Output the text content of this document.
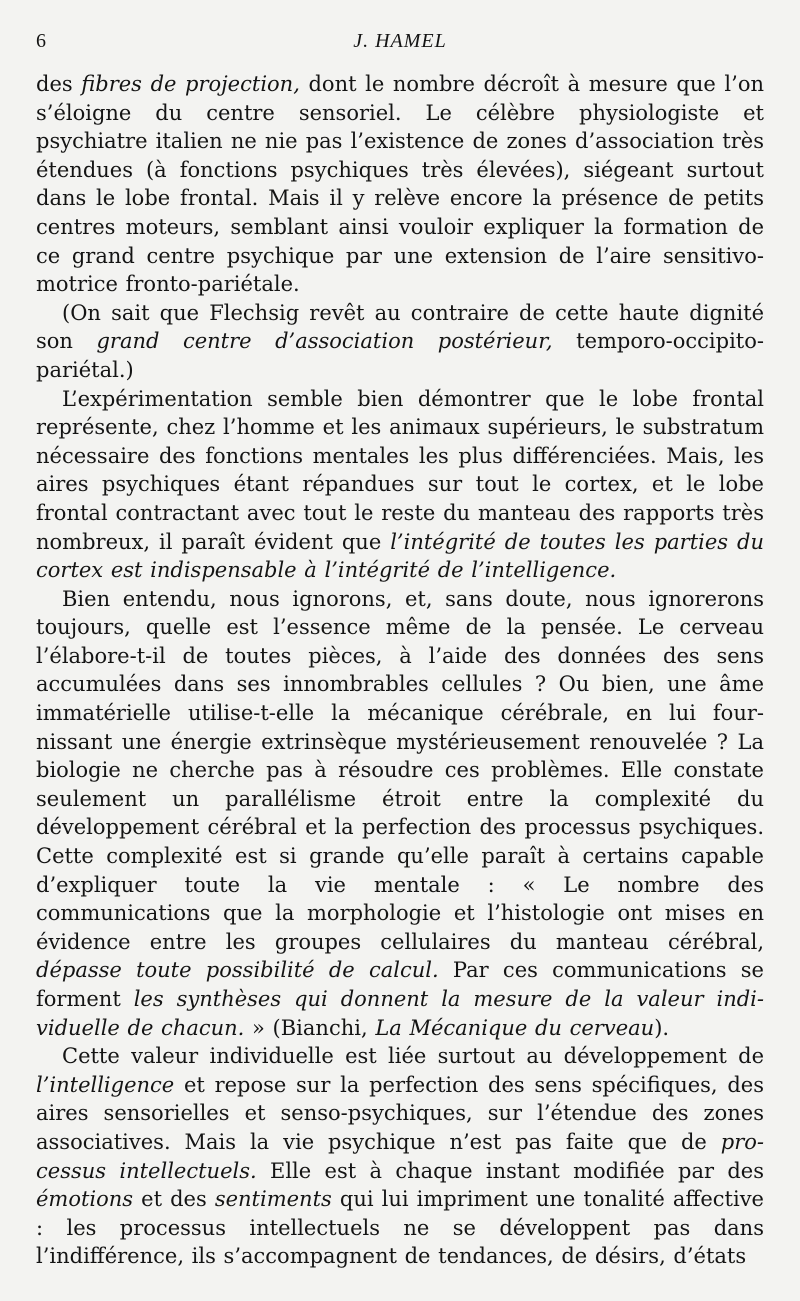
6	J. HAMEL

des fibres de projection, dont le nombre décroît à mesure que l’on s’éloigne du centre sensoriel. Le célèbre physiologiste et psychiatre italien ne nie pas l’existence de zones d’association très étendues (à fonctions psychiques très élevées), siégeant surtout dans le lobe frontal. Mais il y relève encore la présence de petits centres moteurs, semblant ainsi vouloir expliquer la formation de ce grand centre psychique par une extension de l’aire sensitivo-motrice fronto-pariétale.

(On sait que Flechsig revêt au contraire de cette haute dignité son grand centre d’association postérieur, temporo-occipito-pariétal.)

L’expérimentation semble bien démontrer que le lobe frontal représente, chez l’homme et les animaux supérieurs, le substratum nécessaire des fonctions mentales les plus différenciées. Mais, les aires psychiques étant répandues sur tout le cortex, et le lobe frontal contractant avec tout le reste du manteau des rapports très nombreux, il paraît évident que l’intégrité de toutes les parties du cortex est indispensable à l’intégrité de l’intelligence.

Bien entendu, nous ignorons, et, sans doute, nous ignorerons toujours, quelle est l’essence même de la pensée. Le cerveau l’élabore-t-il de toutes pièces, à l’aide des données des sens accumulées dans ses innombrables cellules ? Ou bien, une âme immatérielle utilise-t-elle la mécanique cérébrale, en lui fournissant une énergie extrinsèque mystérieusement renouvelée ? La biologie ne cherche pas à résoudre ces problèmes. Elle constate seulement un parallélisme étroit entre la complexité du développement cérébral et la perfection des processus psychiques. Cette complexité est si grande qu’elle paraît à certains capable d’expliquer toute la vie mentale : « Le nombre des communications que la morphologie et l’histologie ont mises en évidence entre les groupes cellulaires du manteau cérébral, dépasse toute possibilité de calcul. Par ces communications se forment les synthèses qui donnent la mesure de la valeur individuelle de chacun. » (Bianchi, La Mécanique du cerveau).

Cette valeur individuelle est liée surtout au développement de l’intelligence et repose sur la perfection des sens spécifiques, des aires sensorielles et senso-psychiques, sur l’étendue des zones associatives. Mais la vie psychique n’est pas faite que de processus intellectuels. Elle est à chaque instant modifiée par des émotions et des sentiments qui lui impriment une tonalité affective : les processus intellectuels ne se développent pas dans l’indifférence, ils s’accompagnent de tendances, de désirs, d’états
